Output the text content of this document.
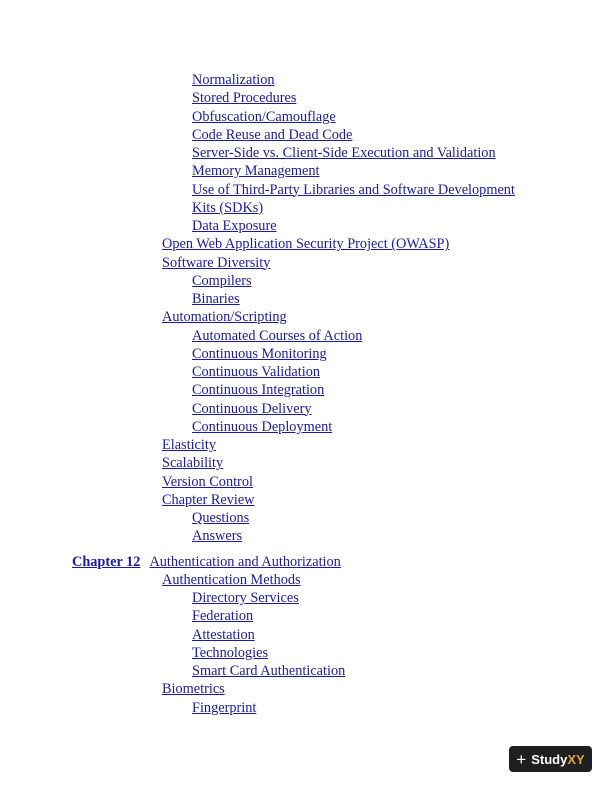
Normalization
Stored Procedures
Obfuscation/Camouflage
Code Reuse and Dead Code
Server-Side vs. Client-Side Execution and Validation
Memory Management
Use of Third-Party Libraries and Software Development
Kits (SDKs)
Data Exposure
Open Web Application Security Project (OWASP)
Software Diversity
Compilers
Binaries
Automation/Scripting
Automated Courses of Action
Continuous Monitoring
Continuous Validation
Continuous Integration
Continuous Delivery
Continuous Deployment
Elasticity
Scalability
Version Control
Chapter Review
Questions
Answers
Chapter 12 Authentication and Authorization
Authentication Methods
Directory Services
Federation
Attestation
Technologies
Smart Card Authentication
Biometrics
Fingerprint
+ Study XY
